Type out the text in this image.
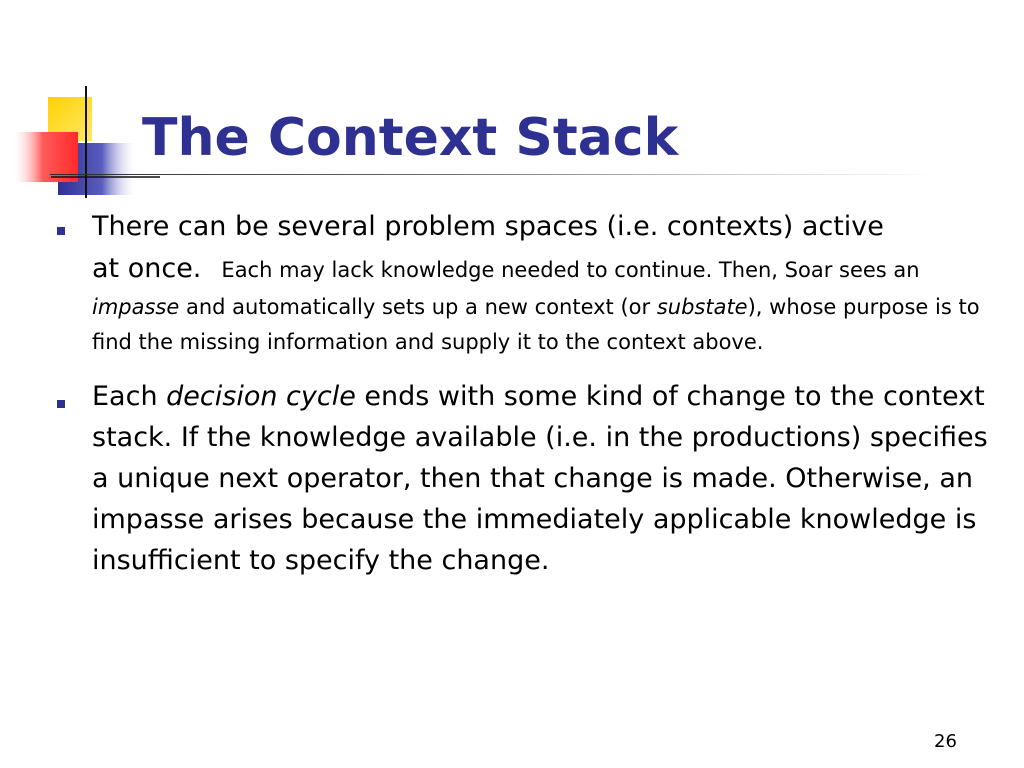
The Context Stack
There can be several problem spaces (i.e. contexts) active
at once. Each may lack knowledge needed to continue. Then, Soar sees an impasse and automatically sets up a new context (or substate), whose purpose is to find the missing information and supply it to the context above.
Each decision cycle ends with some kind of change to the context stack. If the knowledge available (i.e. in the productions) specifies a unique next operator, then that change is made. Otherwise, an impasse arises because the immediately applicable knowledge is insufficient to specify the change.
26
